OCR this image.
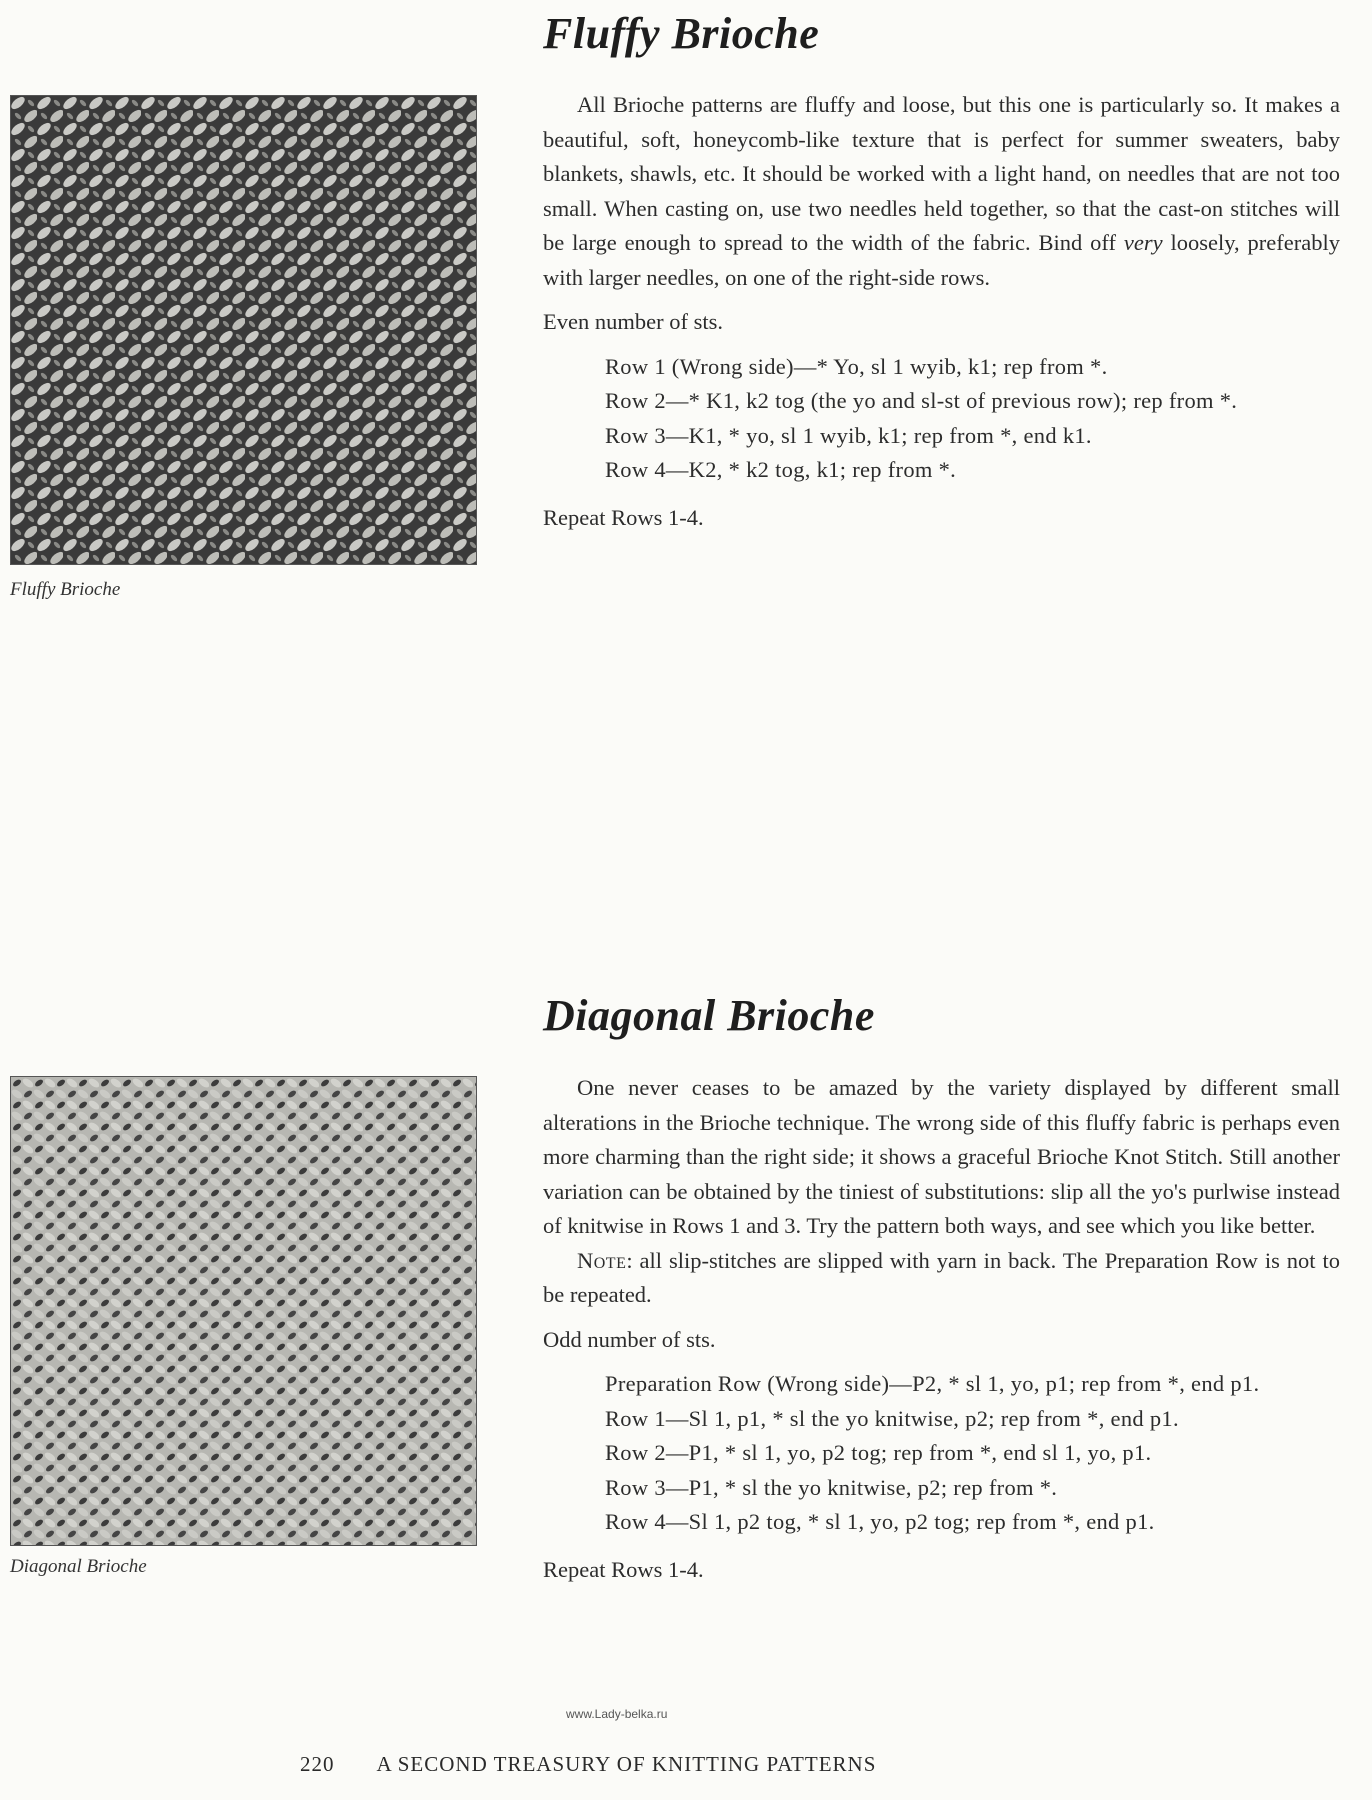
Fluffy Brioche
Fluffy Brioche

All Brioche patterns are fluffy and loose, but this one is particularly so. It makes a beautiful, soft, honeycomb-like texture that is perfect for summer sweaters, baby blankets, shawls, etc. It should be worked with a light hand, on needles that are not too small. When casting on, use two needles held together, so that the cast-on stitches will be large enough to spread to the width of the fabric. Bind off very loosely, preferably with larger needles, on one of the right-side rows.

Even number of sts.

Row 1 (Wrong side)—* Yo, sl 1 wyib, k1; rep from *.

Row 2—* K1, k2 tog (the yo and sl-st of previous row); rep from *.

Row 3—K1, * yo, sl 1 wyib, k1; rep from *, end k1.

Row 4—K2, * k2 tog, k1; rep from *.

Repeat Rows 1-4.

Diagonal Brioche
Diagonal Brioche

One never ceases to be amazed by the variety displayed by different small alterations in the Brioche technique. The wrong side of this fluffy fabric is perhaps even more charming than the right side; it shows a graceful Brioche Knot Stitch. Still another variation can be obtained by the tiniest of substitutions: slip all the yo's purlwise instead of knitwise in Rows 1 and 3. Try the pattern both ways, and see which you like better.

Note: all slip-stitches are slipped with yarn in back. The Preparation Row is not to be repeated.

Odd number of sts.

Preparation Row (Wrong side)—P2, * sl 1, yo, p1; rep from *, end p1.

Row 1—Sl 1, p1, * sl the yo knitwise, p2; rep from *, end p1.

Row 2—P1, * sl 1, yo, p2 tog; rep from *, end sl 1, yo, p1.

Row 3—P1, * sl the yo knitwise, p2; rep from *.

Row 4—Sl 1, p2 tog, * sl 1, yo, p2 tog; rep from *, end p1.

Repeat Rows 1-4.

www.Lady-belka.ru
220 A SECOND TREASURY OF KNITTING PATTERNS
